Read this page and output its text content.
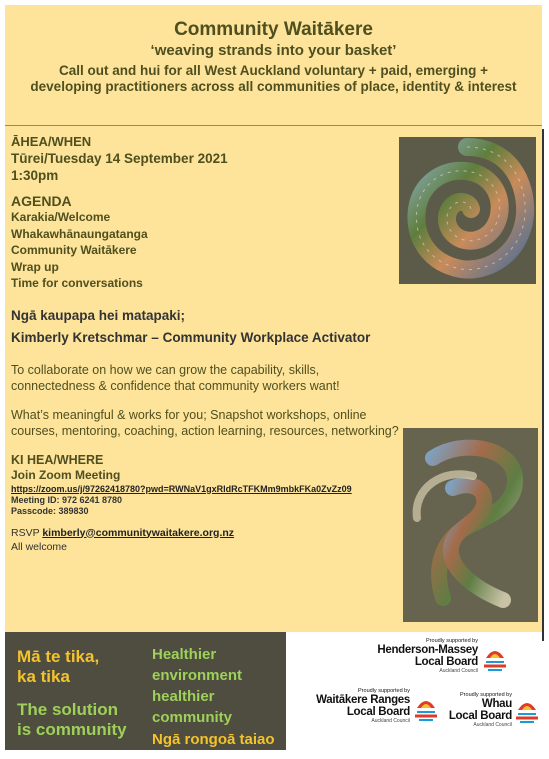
Community Waitākere
‘weaving strands into your basket’
Call out and hui for all West Auckland voluntary + paid, emerging + developing practitioners across all communities of place, identity & interest
ĀHEA/WHEN
Tūrei/Tuesday 14 September 2021
1:30pm
AGENDA
Karakia/Welcome
Whakawhānaungatanga
Community Waitākere
Wrap up
Time for conversations
Ngā kaupapa hei matapaki;
Kimberly Kretschmar – Community Workplace Activator
To collaborate on how we can grow the capability, skills, connectedness & confidence that community workers want!
What’s meaningful & works for you; Snapshot workshops, online courses, mentoring, coaching, action learning, resources, networking?
KI HEA/WHERE
Join Zoom Meeting
https://zoom.us/j/97262418780?pwd=RWNaV1gxRldRcTFKMm9mbkFKa0ZvZz09
Meeting ID: 972 6241 8780
Passcode: 389830
RSVP kimberly@communitywaitakere.org.nz
All welcome
Mā te tika,
ka tika
The solution
is community
Healthier
environment
healthier
community
Ngā rongoā taiao
Proudly supported by
Henderson-Massey
Local Board
Auckland Council
Proudly supported by
Waitākere Ranges
Local Board
Auckland Council
Proudly supported by
Whau
Local Board
Auckland Council
